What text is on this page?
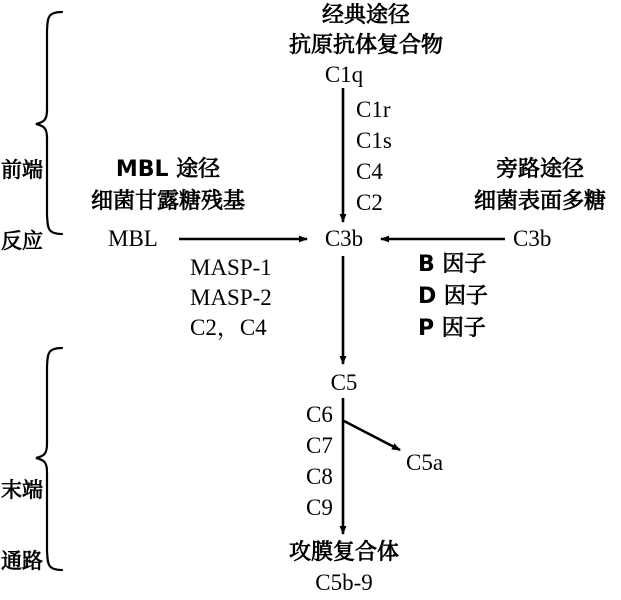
前端

反应

末端

通路

经典途径
抗原抗体复合物
C1q
C1r
C1s
C4
C2
MBL 途径
细菌甘露糖残基
MBL
MASP-1
MASP-2
C2，C4
旁路途径
细菌表面多糖
C3b
B 因子
D 因子
P 因子
C3b
C5
C6
C7
C8
C9
C5a
攻膜复合体
C5b-9
